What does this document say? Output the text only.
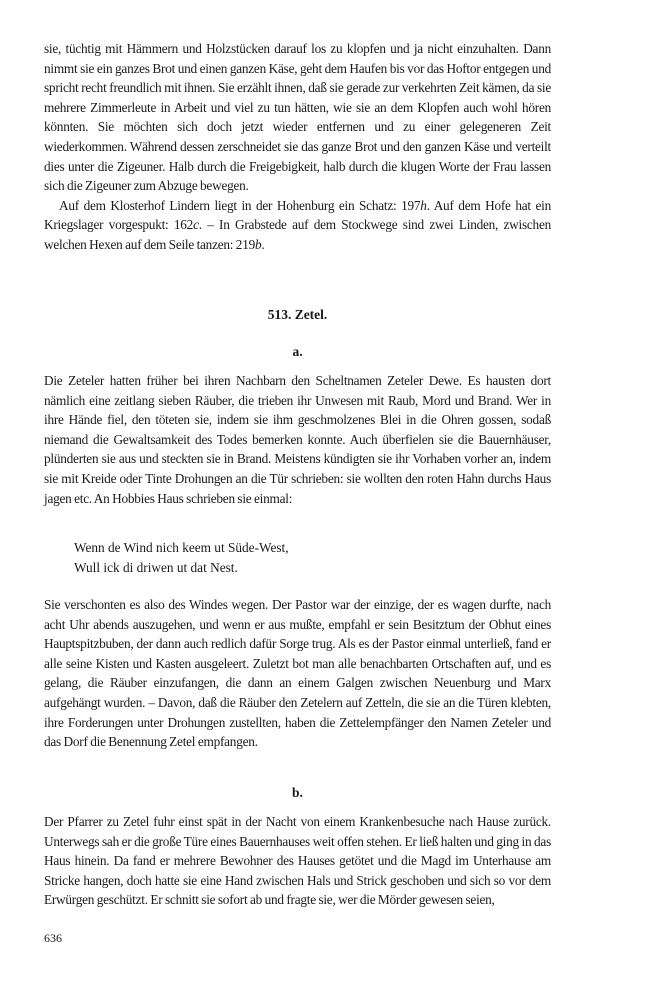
sie, tüchtig mit Hämmern und Holzstücken darauf los zu klopfen und ja nicht einzuhalten. Dann nimmt sie ein ganzes Brot und einen ganzen Käse, geht dem Haufen bis vor das Hoftor entgegen und spricht recht freundlich mit ihnen. Sie erzählt ihnen, daß sie gerade zur verkehrten Zeit kämen, da sie mehrere Zimmerleute in Arbeit und viel zu tun hätten, wie sie an dem Klopfen auch wohl hören könnten. Sie möchten sich doch jetzt wieder entfernen und zu einer gelegeneren Zeit wiederkommen. Während dessen zerschneidet sie das ganze Brot und den ganzen Käse und verteilt dies unter die Zigeuner. Halb durch die Freigebigkeit, halb durch die klugen Worte der Frau lassen sich die Zigeuner zum Abzuge bewegen.

Auf dem Klosterhof Lindern liegt in der Hohenburg ein Schatz: 197h. Auf dem Hofe hat ein Kriegslager vorgespukt: 162c. – In Grabstede auf dem Stockwege sind zwei Linden, zwischen welchen Hexen auf dem Seile tanzen: 219b.

513. Zetel.
a.

Die Zeteler hatten früher bei ihren Nachbarn den Scheltnamen Zeteler Dewe. Es hausten dort nämlich eine zeitlang sieben Räuber, die trieben ihr Unwesen mit Raub, Mord und Brand. Wer in ihre Hände fiel, den töteten sie, indem sie ihm geschmolzenes Blei in die Ohren gossen, sodaß niemand die Gewaltsamkeit des Todes bemerken konnte. Auch überfielen sie die Bauernhäuser, plünderten sie aus und steckten sie in Brand. Meistens kündigten sie ihr Vorhaben vorher an, indem sie mit Kreide oder Tinte Drohungen an die Tür schrieben: sie wollten den roten Hahn durchs Haus jagen etc. An Hobbies Haus schrieben sie einmal:

Wenn de Wind nich keem ut Süde-West,
Wull ick di driwen ut dat Nest.

Sie verschonten es also des Windes wegen. Der Pastor war der einzige, der es wagen durfte, nach acht Uhr abends auszugehen, und wenn er aus mußte, empfahl er sein Besitztum der Obhut eines Hauptspitzbuben, der dann auch redlich dafür Sorge trug. Als es der Pastor einmal unterließ, fand er alle seine Kisten und Kasten ausgeleert. Zuletzt bot man alle benachbarten Ortschaften auf, und es gelang, die Räuber einzufangen, die dann an einem Galgen zwischen Neuenburg und Marx aufgehängt wurden. – Davon, daß die Räuber den Zetelern auf Zetteln, die sie an die Türen klebten, ihre Forderungen unter Drohungen zustellten, haben die Zettelempfänger den Namen Zeteler und das Dorf die Benennung Zetel empfangen.

b.

Der Pfarrer zu Zetel fuhr einst spät in der Nacht von einem Krankenbesuche nach Hause zurück. Unterwegs sah er die große Türe eines Bauernhauses weit offen stehen. Er ließ halten und ging in das Haus hinein. Da fand er mehrere Bewohner des Hauses getötet und die Magd im Unterhause am Stricke hangen, doch hatte sie eine Hand zwischen Hals und Strick geschoben und sich so vor dem Erwürgen geschützt. Er schnitt sie sofort ab und fragte sie, wer die Mörder gewesen seien,

636
